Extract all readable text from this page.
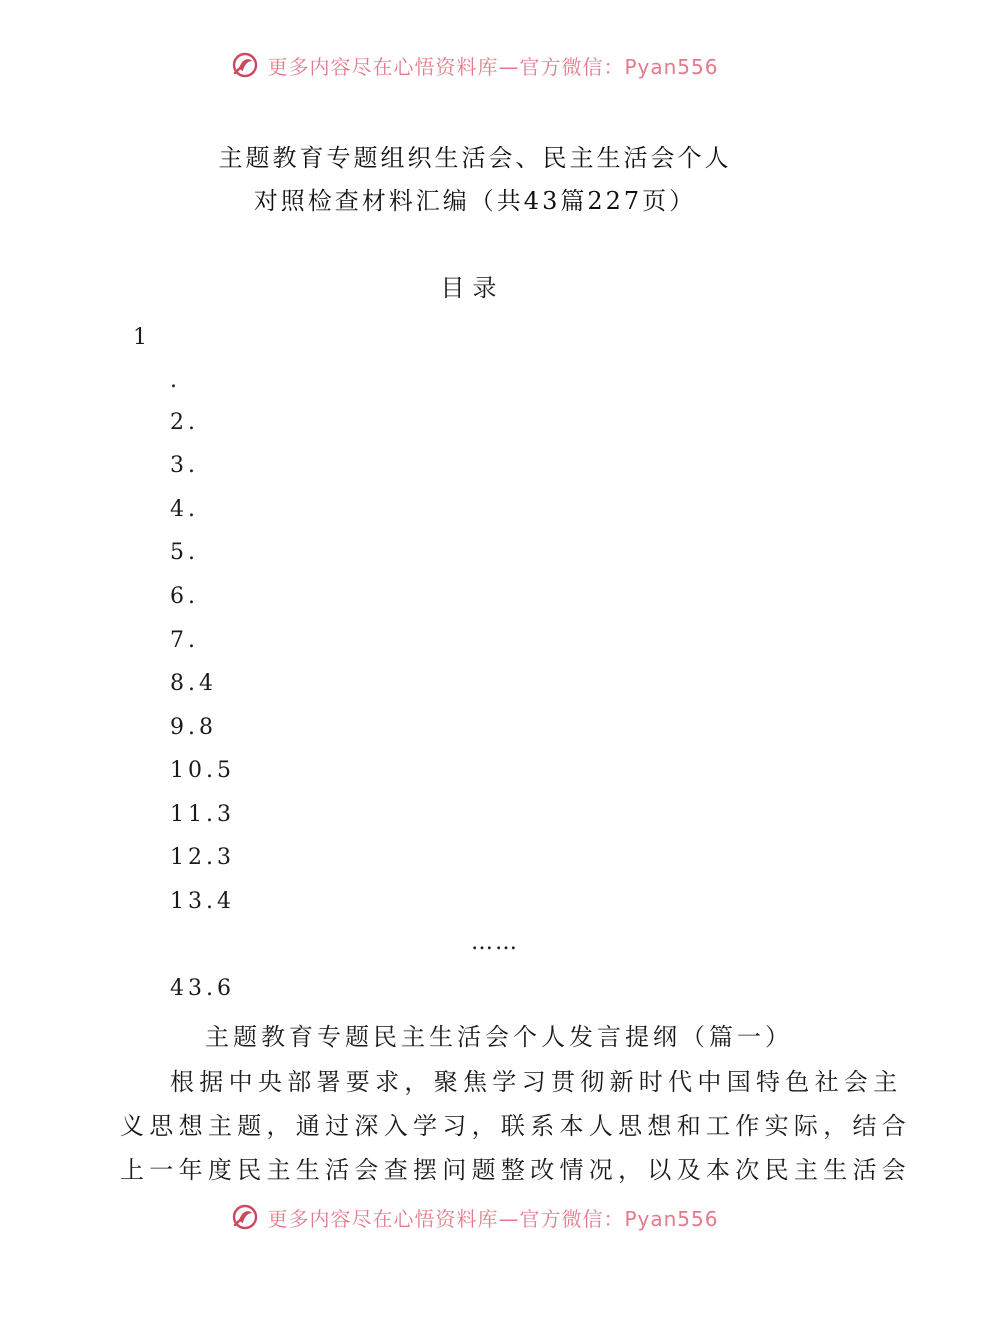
更多内容尽在心悟资料库—官方微信：Pyan556
主题教育专题组织生活会、民主生活会个人
对照检查材料汇编（共43篇227页）
目录
1
.
2.
3.
4.
5.
6.
7.
8.4
9.8
10.5
11.3
12.3
13.4
……
43.6
主题教育专题民主生活会个人发言提纲（篇一）
根据中央部署要求，聚焦学习贯彻新时代中国特色社会主
义思想主题，通过深入学习，联系本人思想和工作实际，结合
上一年度民主生活会查摆问题整改情况，以及本次民主生活会
更多内容尽在心悟资料库—官方微信：Pyan556
